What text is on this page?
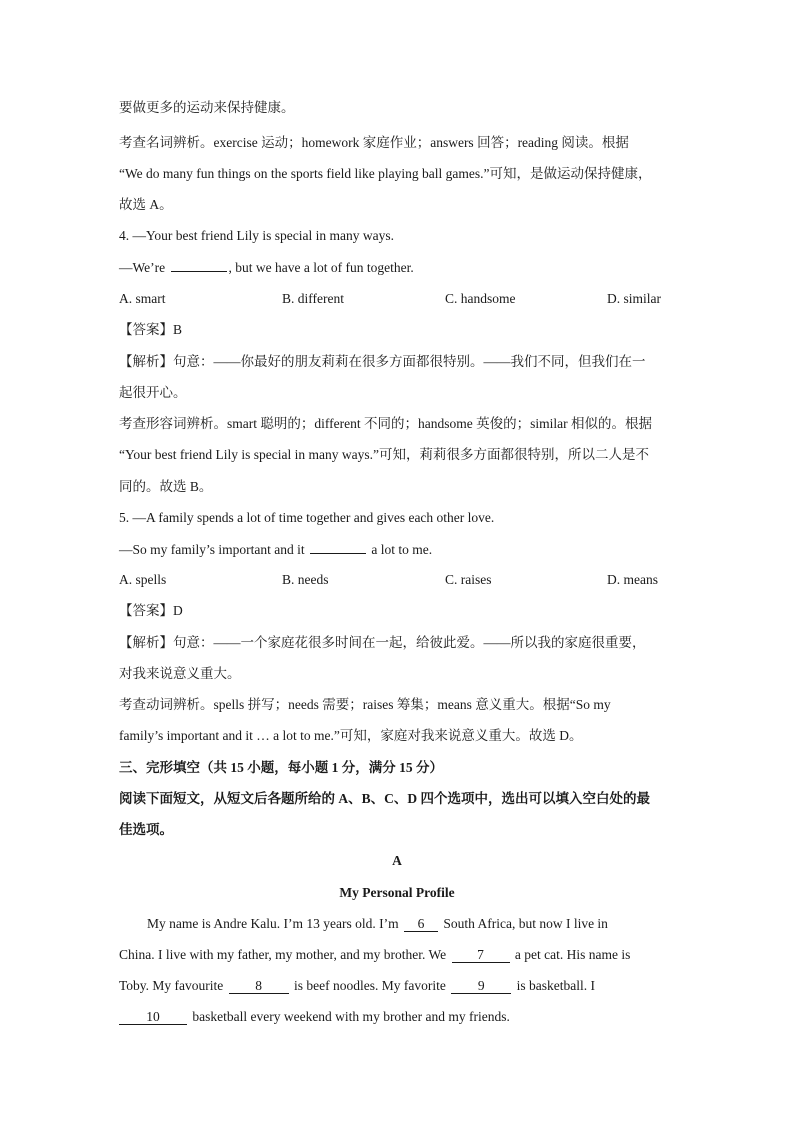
要做更多的运动来保持健康。
考查名词辨析。exercise 运动；homework 家庭作业；answers 回答；reading 阅读。根据
“We do many fun things on the sports field like playing ball games.”可知，是做运动保持健康，
故选 A。
4. —Your best friend Lily is special in many ways.
—We’re	, but we have a lot of fun together.
A. smart	B. different	C. handsome	D. similar
【答案】B
【解析】句意：——你最好的朋友莉莉在很多方面都很特别。——我们不同，但我们在一
起很开心。
考查形容词辨析。smart 聪明的；different 不同的；handsome 英俊的；similar 相似的。根据
“Your best friend Lily is special in many ways.”可知，莉莉很多方面都很特别，所以二人是不
同的。故选 B。
5. —A family spends a lot of time together and gives each other love.
—So my family’s important and it	a lot to me.
A. spells	B. needs	C. raises	D. means
【答案】D
【解析】句意：——一个家庭花很多时间在一起，给彼此爱。——所以我的家庭很重要，
对我来说意义重大。
考查动词辨析。spells 拼写；needs 需要；raises 筹集；means 意义重大。根据“So my
family’s important and it … a lot to me.”可知，家庭对我来说意义重大。故选 D。
三、完形填空（共 15 小题，每小题 1 分，满分 15 分）
阅读下面短文，从短文后各题所给的 A、B、C、D 四个选项中，选出可以填入空白处的最
佳选项。
A
My Personal Profile
My name is Andre Kalu. I’m 13 years old. I’m 6 South Africa, but now I live in
China. I live with my father, my mother, and my brother. We 7 a pet cat. His name is
Toby. My favourite 8 is beef noodles. My favorite 9 is basketball. I
10 basketball every weekend with my brother and my friends.
